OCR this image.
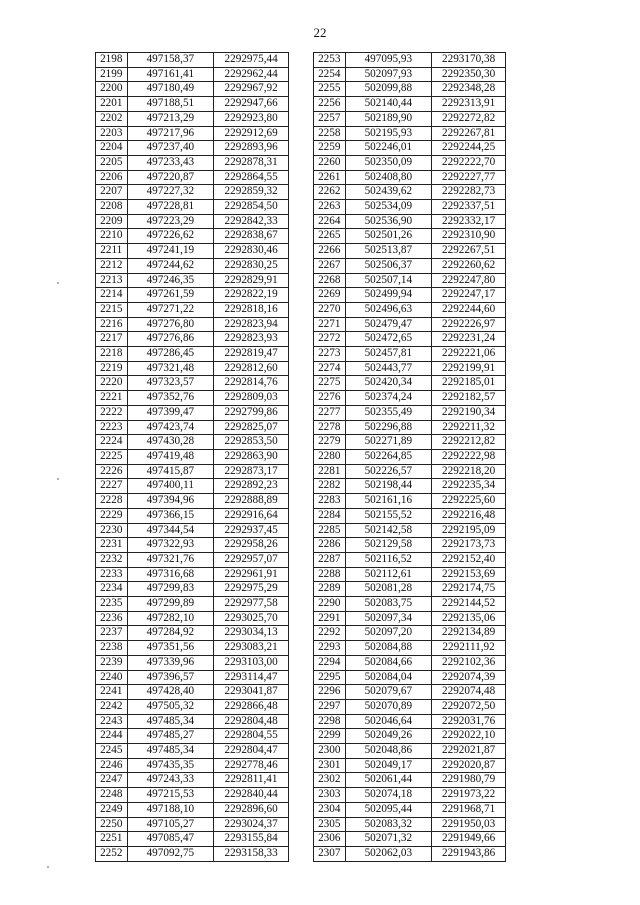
22
2198	497158,37	2292975,44
2199	497161,41	2292962,44
2200	497180,49	2292967,92
2201	497188,51	2292947,66
2202	497213,29	2292923,80
2203	497217,96	2292912,69
2204	497237,40	2292893,96
2205	497233,43	2292878,31
2206	497220,87	2292864,55
2207	497227,32	2292859,32
2208	497228,81	2292854,50
2209	497223,29	2292842,33
2210	497226,62	2292838,67
2211	497241,19	2292830,46
2212	497244,62	2292830,25
2213	497246,35	2292829,91
2214	497261,59	2292822,19
2215	497271,22	2292818,16
2216	497276,80	2292823,94
2217	497276,86	2292823,93
2218	497286,45	2292819,47
2219	497321,48	2292812,60
2220	497323,57	2292814,76
2221	497352,76	2292809,03
2222	497399,47	2292799,86
2223	497423,74	2292825,07
2224	497430,28	2292853,50
2225	497419,48	2292863,90
2226	497415,87	2292873,17
2227	497400,11	2292892,23
2228	497394,96	2292888,89
2229	497366,15	2292916,64
2230	497344,54	2292937,45
2231	497322,93	2292958,26
2232	497321,76	2292957,07
2233	497316,68	2292961,91
2234	497299,83	2292975,29
2235	497299,89	2292977,58
2236	497282,10	2293025,70
2237	497284,92	2293034,13
2238	497351,56	2293083,21
2239	497339,96	2293103,00
2240	497396,57	2293114,47
2241	497428,40	2293041,87
2242	497505,32	2292866,48
2243	497485,34	2292804,48
2244	497485,27	2292804,55
2245	497485,34	2292804,47
2246	497435,35	2292778,46
2247	497243,33	2292811,41
2248	497215,53	2292840,44
2249	497188,10	2292896,60
2250	497105,27	2293024,37
2251	497085,47	2293155,84
2252	497092,75	2293158,33
2253	497095,93	2293170,38
2254	502097,93	2292350,30
2255	502099,88	2292348,28
2256	502140,44	2292313,91
2257	502189,90	2292272,82
2258	502195,93	2292267,81
2259	502246,01	2292244,25
2260	502350,09	2292222,70
2261	502408,80	2292227,77
2262	502439,62	2292282,73
2263	502534,09	2292337,51
2264	502536,90	2292332,17
2265	502501,26	2292310,90
2266	502513,87	2292267,51
2267	502506,37	2292260,62
2268	502507,14	2292247,80
2269	502499,94	2292247,17
2270	502496,63	2292244,60
2271	502479,47	2292226,97
2272	502472,65	2292231,24
2273	502457,81	2292221,06
2274	502443,77	2292199,91
2275	502420,34	2292185,01
2276	502374,24	2292182,57
2277	502355,49	2292190,34
2278	502296,88	2292211,32
2279	502271,89	2292212,82
2280	502264,85	2292222,98
2281	502226,57	2292218,20
2282	502198,44	2292235,34
2283	502161,16	2292225,60
2284	502155,52	2292216,48
2285	502142,58	2292195,09
2286	502129,58	2292173,73
2287	502116,52	2292152,40
2288	502112,61	2292153,69
2289	502081,28	2292174,75
2290	502083,75	2292144,52
2291	502097,34	2292135,06
2292	502097,20	2292134,89
2293	502084,88	2292111,92
2294	502084,66	2292102,36
2295	502084,04	2292074,39
2296	502079,67	2292074,48
2297	502070,89	2292072,50
2298	502046,64	2292031,76
2299	502049,26	2292022,10
2300	502048,86	2292021,87
2301	502049,17	2292020,87
2302	502061,44	2291980,79
2303	502074,18	2291973,22
2304	502095,44	2291968,71
2305	502083,32	2291950,03
2306	502071,32	2291949,66
2307	502062,03	2291943,86
